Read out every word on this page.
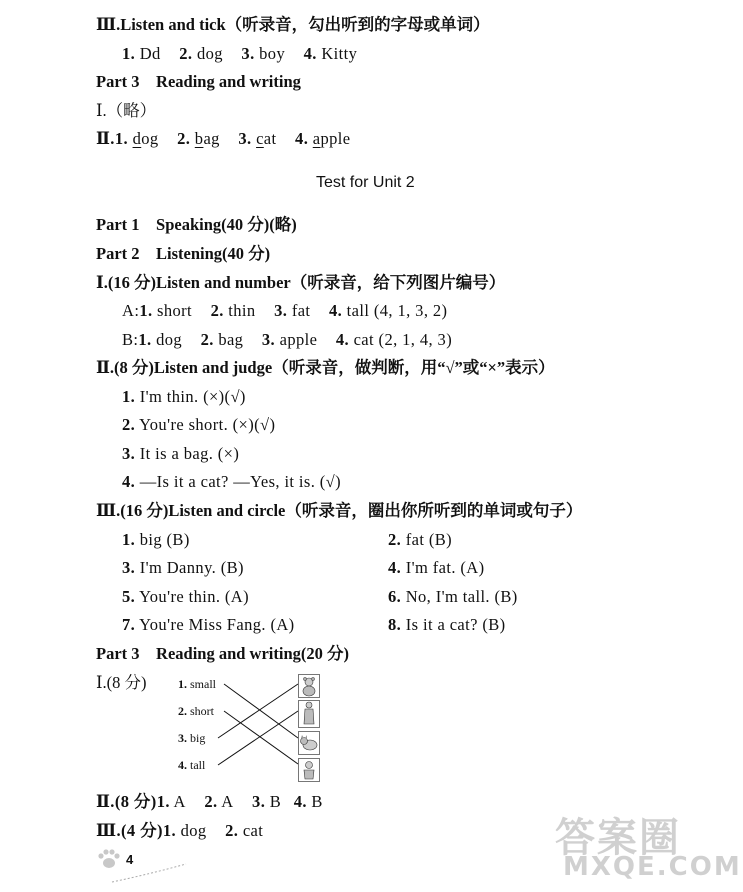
Ⅲ.Listen and tick（听录音，勾出听到的字母或单词）
1. Dd 2. dog 3. boy 4. Kitty
Part 3　Reading and writing
Ⅰ.（略）
Ⅱ.1. dog 2. bag 3. cat 4. apple
Test for Unit 2
Part 1　Speaking(40 分)(略)
Part 2　Listening(40 分)
Ⅰ.(16 分)Listen and number（听录音，给下列图片编号）
A:1. short 2. thin 3. fat 4. tall (4, 1, 3, 2)
B:1. dog 2. bag 3. apple 4. cat (2, 1, 4, 3)
Ⅱ.(8 分)Listen and judge（听录音，做判断，用“√”或“×”表示）
1. I'm thin. (×)(√)
2. You're short. (×)(√)
3. It is a bag. (×)
4. —Is it a cat? —Yes, it is. (√)
Ⅲ.(16 分)Listen and circle（听录音，圈出你所听到的单词或句子）
1. big (B)	2. fat (B)
3. I'm Danny. (B)	4. I'm fat. (A)
5. You're thin. (A)	6. No, I'm tall. (B)
7. You're Miss Fang. (A)	8. Is it a cat? (B)
Part 3　Reading and writing(20 分)
Ⅰ.(8 分)	1. small
2. short
3. big
4. tall
Ⅱ.(8 分)1. A 2. A 3. B 4. B
Ⅲ.(4 分)1. dog 2. cat
4	答案圈
MXQE.COM
